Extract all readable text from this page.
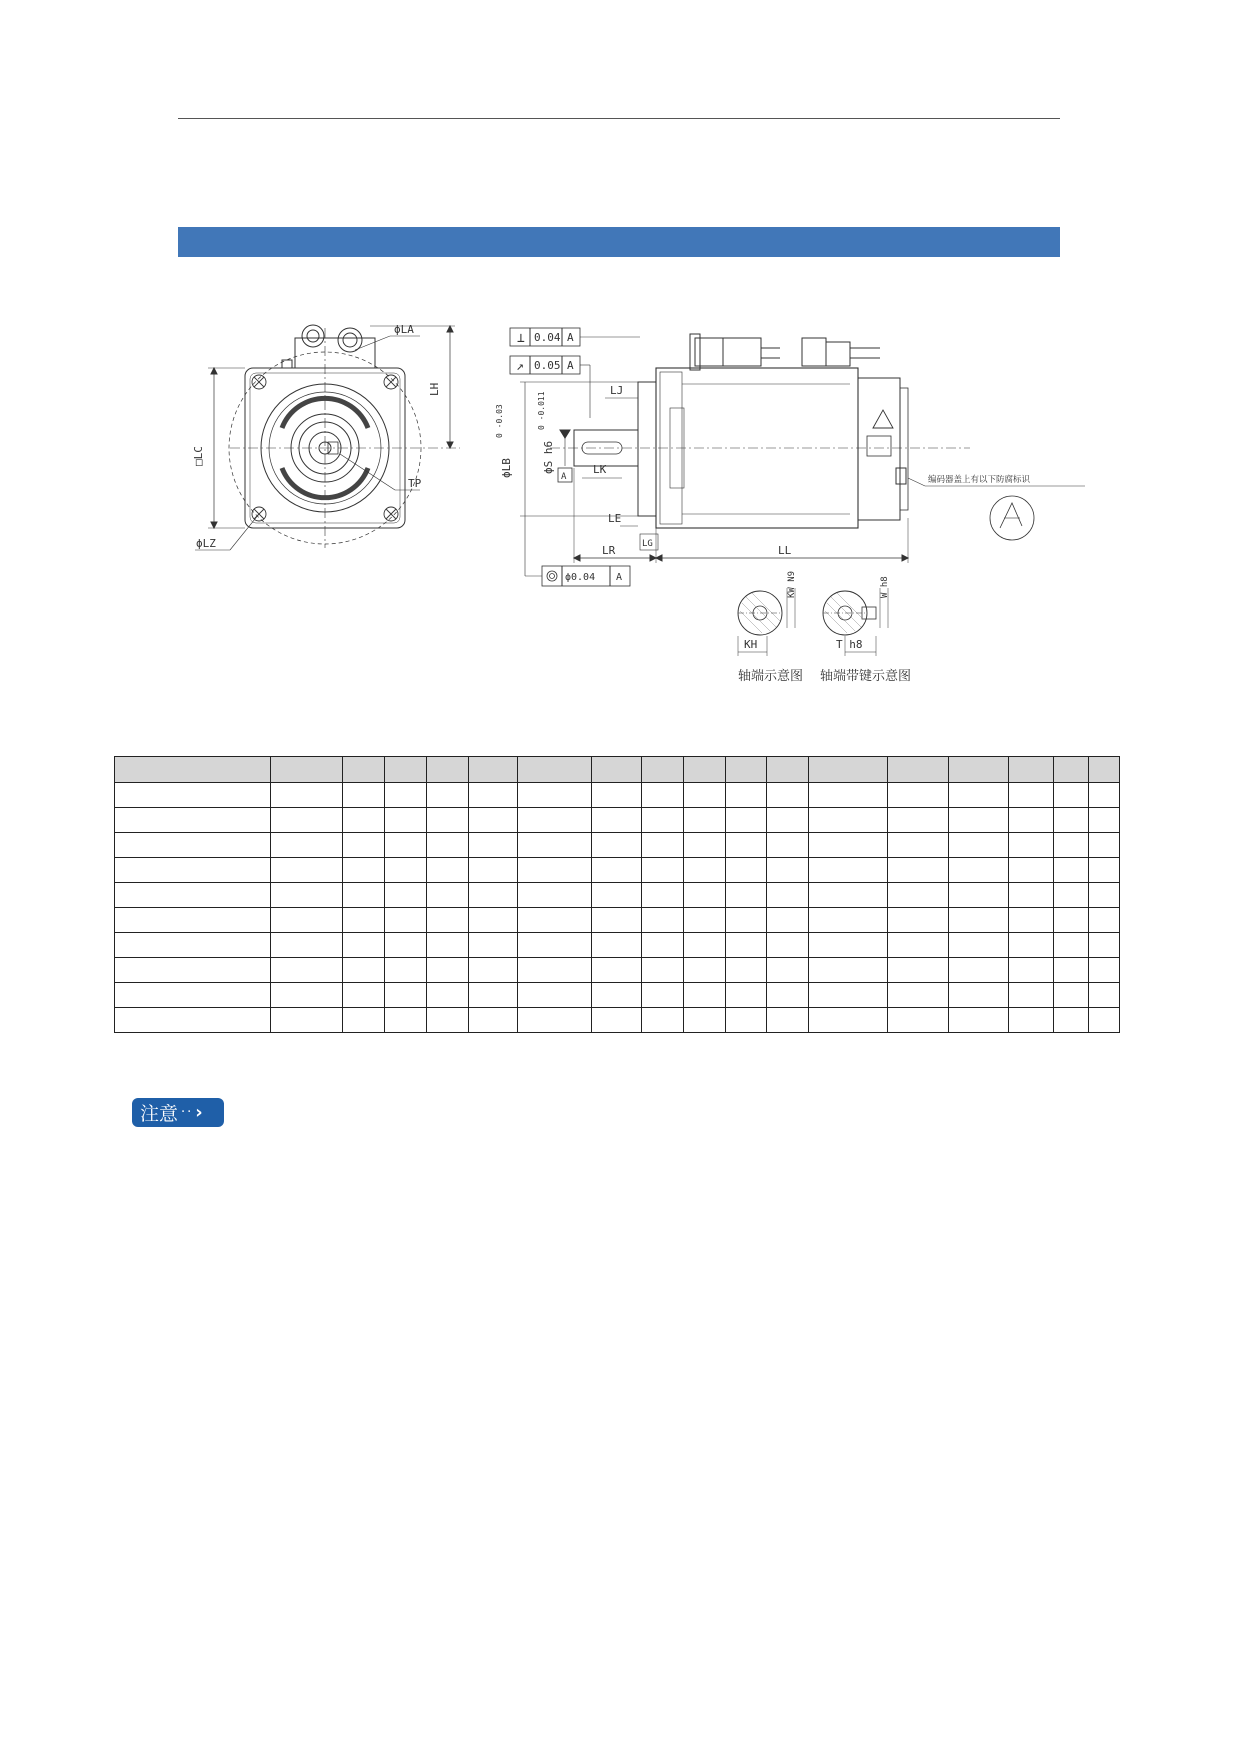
LH
ϕLA
□LC
ϕLZ
TP
⊥ 0.04 A
↗ 0.05 A
ϕLB
0 -0.03
ϕS h6
0 -0.011
A
LJ
LK
LE
LG
LR	LL
ϕ0.04 A
编码器盖上有以下防腐标识
KW N9
KH
轴端示意图
W h8
T h8
轴端带键示意图

注意 ·· ›
